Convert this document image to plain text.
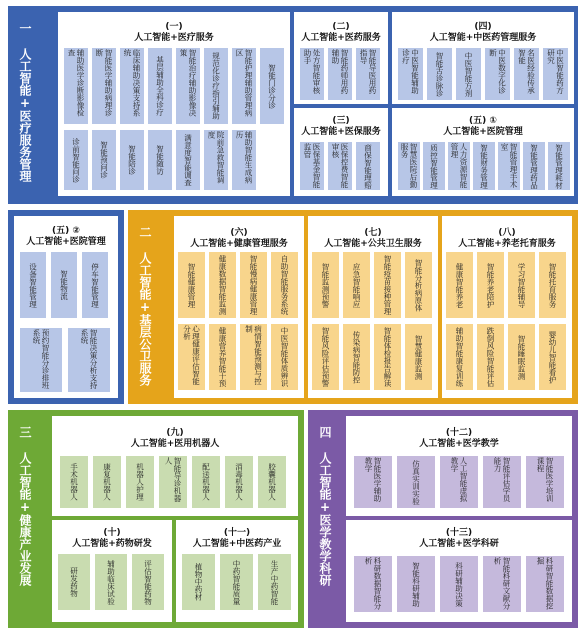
一 人工智能+医疗服务管理	(一)
人工智能+医疗服务
辅助医学诊断影像检查	智能医学辅助病理诊断	临床辅助决策支持系统
基层辅助全科诊疗	智能治疗辅助影像决策	规范化诊疗指引辅助	智能护理辅助管理病区
智能门诊分诊
诊前智能问诊	智能预问诊	智能陪诊	智能随访	满意度智能调查	院前急救智能调度	辅助智能生成病历
(二)
人工智能+医药服务
处方智能审核助手	智能药师用药辅助	智能导医用药指导
(三)
人工智能+医保服务
医保基金智能监管	医保控费智能审核	商保智能理赔
(四)
人工智能+中医药管理服务
中医智能辅助诊疗	智能舌诊脉诊	中医智能方剂	中医数字化诊断	名医经验传承智能	中医智能药方研究
(五) ①
人工智能+医院管理
智慧医院后勤服务	质控智能管理	人力资源智能管理	智能财务管理	智能管理手术室	智能管理药品 智能管理耗材
(五) ②
人工智能+医院管理
设备智能管理	智能物流	停车智能管理
预约智能分诊排班系统	智能决策分析支持系统	二 人工智能+基层公卫服务	(六)
人工智能+健康管理服务
智能健康管理	健康数据智能监测	智能慢病健康管理	自助智能服务系统
心理健康评估智能分析	健康营养智能干预	病情智能预测与控制	中医智能体质辨识
(七)
人工智能+公共卫生服务
智能监测预警	应急智能响应	智能疫苗接种管理	智能分析病原体
智能风险评估预警	传染病智能防控	智能体检报告解读	智慧健康监测
(八)
人工智能+养老托育服务
健康智能养老	智能养老陪护	学习智能辅导	智能托育服务
辅助智能康复训练	跌倒风险智能评估	智能睡眠监测	婴幼儿智能看护
三 人工智能+健康产业发展	(九)
人工智能+医用机器人
手术机器人	康复机器人	机器人护理	智能导诊机器人
配送机器人	消毒机器人	胶囊机器人
(十)
人工智能+药物研发
研发药物	辅助临床试验	评估智能药物
(十一)
人工智能+中医药产业
植物中药材	中药智能质量	生产中药智能	四 人工智能+医学教学科研	(十二)
人工智能+医学教学
智能医学辅助教学	仿真实训实验	人工智能虚拟教学	智能评估学员能力	智能医学培训课程
(十三)
人工智能+医学科研
科研数据智能分析
智能科研辅助	科研辅助决策	智能科研文献分析	科研智能数据挖掘
